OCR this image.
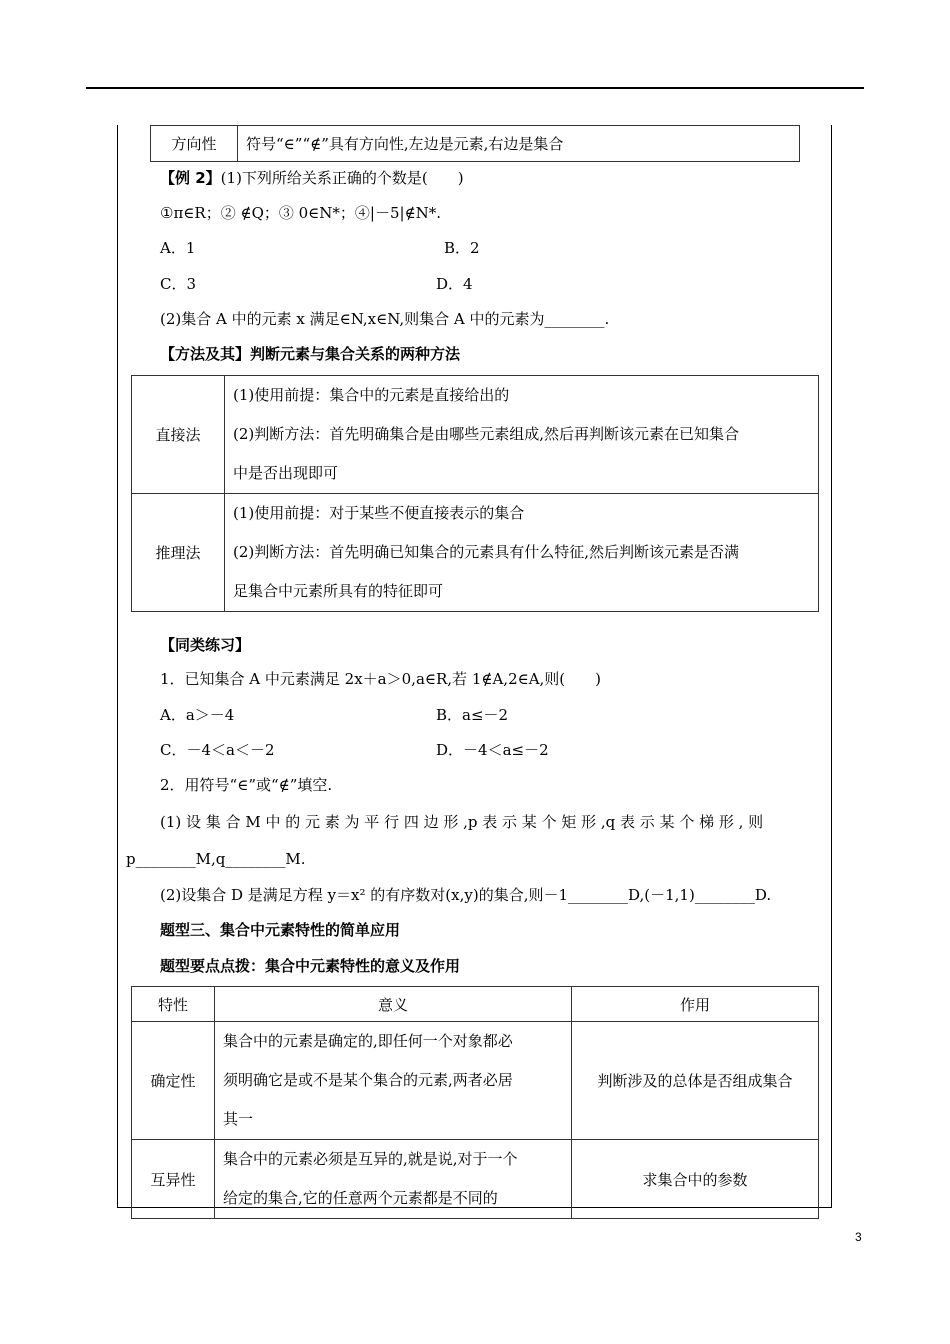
方向性	符号“∈”“∉”具有方向性,左边是元素,右边是集合
【例 2】(1)下列所给关系正确的个数是(　　)
①π∈R；② ∉Q；③ 0∈N*；④|－5|∉N*.
A．1	B．2
C．3	D．4
(2)集合 A 中的元素 x 满足∈N,x∈N,则集合 A 中的元素为________.
【方法及其】判断元素与集合关系的两种方法
直接法	(1)使用前提：集合中的元素是直接给出的
(2)判断方法：首先明确集合是由哪些元素组成,然后再判断该元素在已知集合
中是否出现即可

推理法	(1)使用前提：对于某些不便直接表示的集合
(2)判断方法：首先明确已知集合的元素具有什么特征,然后判断该元素是否满
足集合中元素所具有的特征即可
【同类练习】
1．已知集合 A 中元素满足 2x＋a＞0,a∈R,若 1∉A,2∈A,则(　　)
A．a＞－4	B．a≤－2
C．－4＜a＜－2	D．－4＜a≤－2
2．用符号“∈”或“∉”填空.
(1) 设 集 合 M 中 的 元 素 为 平 行 四 边 形 ,p 表 示 某 个 矩 形 ,q 表 示 某 个 梯 形 , 则
p________M,q________M.
(2)设集合 D 是满足方程 y＝x² 的有序数对(x,y)的集合,则－1________D,(－1,1)________D.
题型三、集合中元素特性的简单应用
题型要点点拨：集合中元素特性的意义及作用
特性	意义	作用
确定性	集合中的元素是确定的,即任何一个对象都必
须明确它是或不是某个集合的元素,两者必居
其一	判断涉及的总体是否组成集合
互异性	集合中的元素必须是互异的,就是说,对于一个
给定的集合,它的任意两个元素都是不同的	求集合中的参数
3
